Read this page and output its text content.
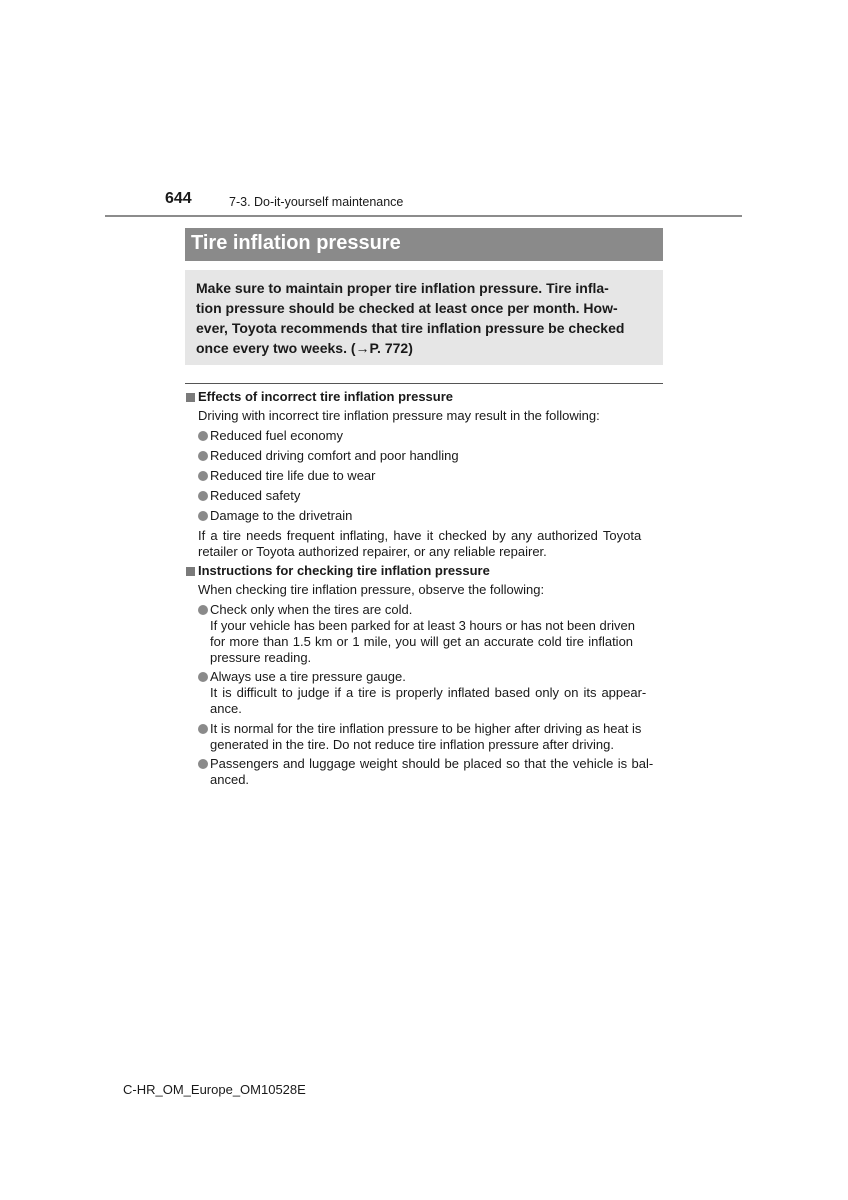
644	7-3. Do-it-yourself maintenance
Tire inflation pressure
Make sure to maintain proper tire inflation pressure. Tire infla-
tion pressure should be checked at least once per month. How-
ever, Toyota recommends that tire inflation pressure be checked
once every two weeks. (→P. 772)
Effects of incorrect tire inflation pressure
Driving with incorrect tire inflation pressure may result in the following:
Reduced fuel economy
Reduced driving comfort and poor handling
Reduced tire life due to wear
Reduced safety
Damage to the drivetrain
If a tire needs frequent inflating, have it checked by any authorized Toyota
retailer or Toyota authorized repairer, or any reliable repairer.
Instructions for checking tire inflation pressure
When checking tire inflation pressure, observe the following:
Check only when the tires are cold.
If your vehicle has been parked for at least 3 hours or has not been driven
for more than 1.5 km or 1 mile, you will get an accurate cold tire inflation
pressure reading.
Always use a tire pressure gauge.
It is difficult to judge if a tire is properly inflated based only on its appear-
ance.
It is normal for the tire inflation pressure to be higher after driving as heat is
generated in the tire. Do not reduce tire inflation pressure after driving.
Passengers and luggage weight should be placed so that the vehicle is bal-
anced.
C-HR_OM_Europe_OM10528E
